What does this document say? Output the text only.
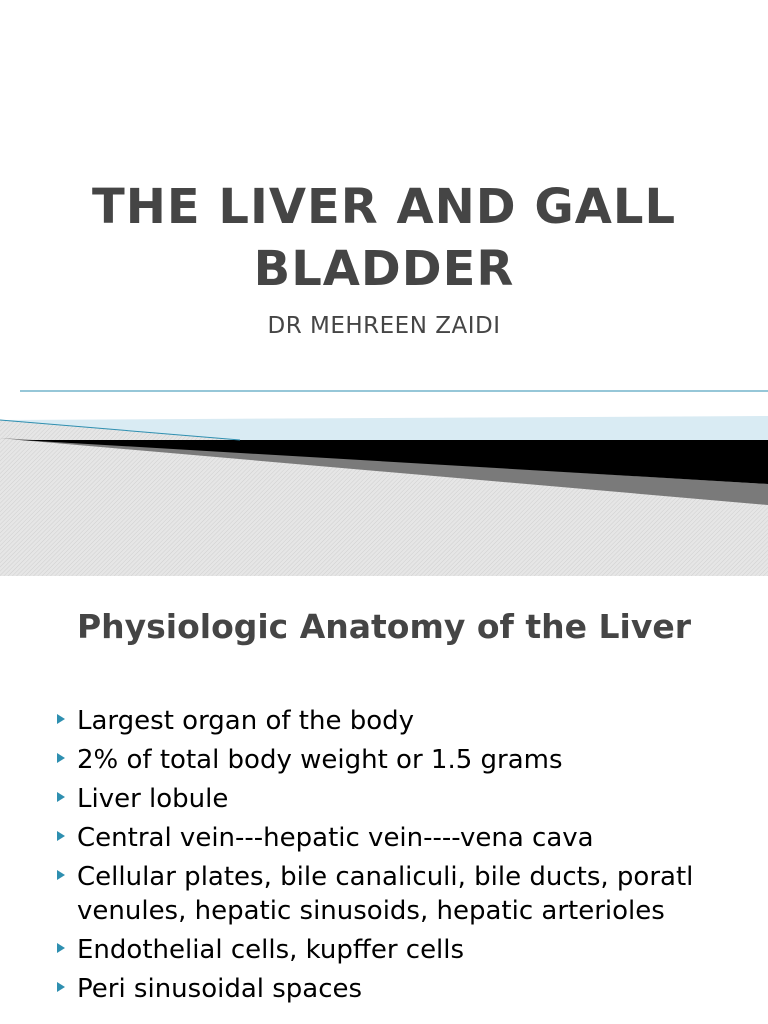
THE LIVER AND GALL BLADDER
DR MEHREEN ZAIDI
Physiologic Anatomy of the Liver
Largest organ of the body
2% of total body weight or 1.5 grams
Liver lobule
Central vein---hepatic vein----vena cava
Cellular plates, bile canaliculi, bile ducts, poratl venules, hepatic sinusoids, hepatic arterioles
Endothelial cells, kupffer cells
Peri sinusoidal spaces
